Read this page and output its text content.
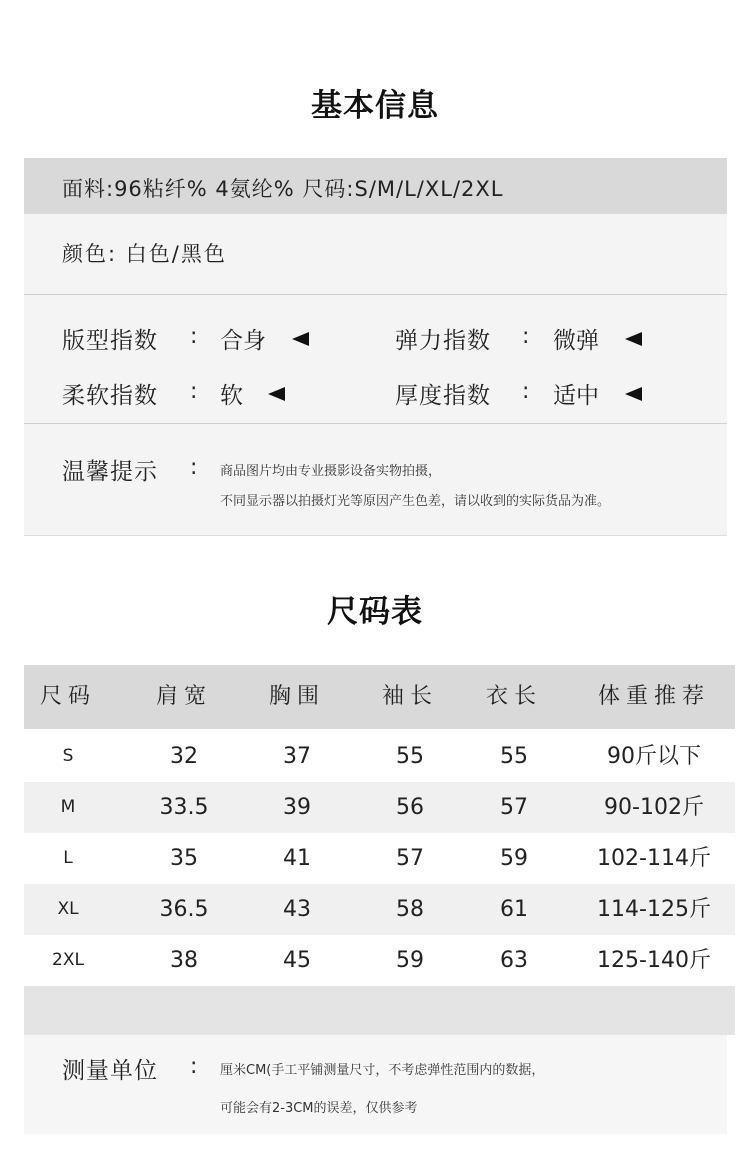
基本信息
面料:96粘纤% 4氨纶% 尺码:S/M/L/XL/2XL
颜色: 白色/黑色
版型指数 : 合身	弹力指数 : 微弹
柔软指数 : 软	厚度指数 : 适中
温馨提示 : 商品图片均由专业摄影设备实物拍摄，
不同显示器以拍摄灯光等原因产生色差，请以收到的实际货品为准。
尺码表
尺码	肩宽	胸围	袖长	衣长	体重推荐
S	32	37	55	55	90斤以下
M	33.5	39	56	57	90-102斤
L	35	41	57	59	102-114斤
XL	36.5	43	58	61	114-125斤
2XL	38	45	59	63	125-140斤
测量单位 : 厘米CM(手工平铺测量尺寸，不考虑弹性范围内的数据，
可能会有2-3CM的误差，仅供参考
